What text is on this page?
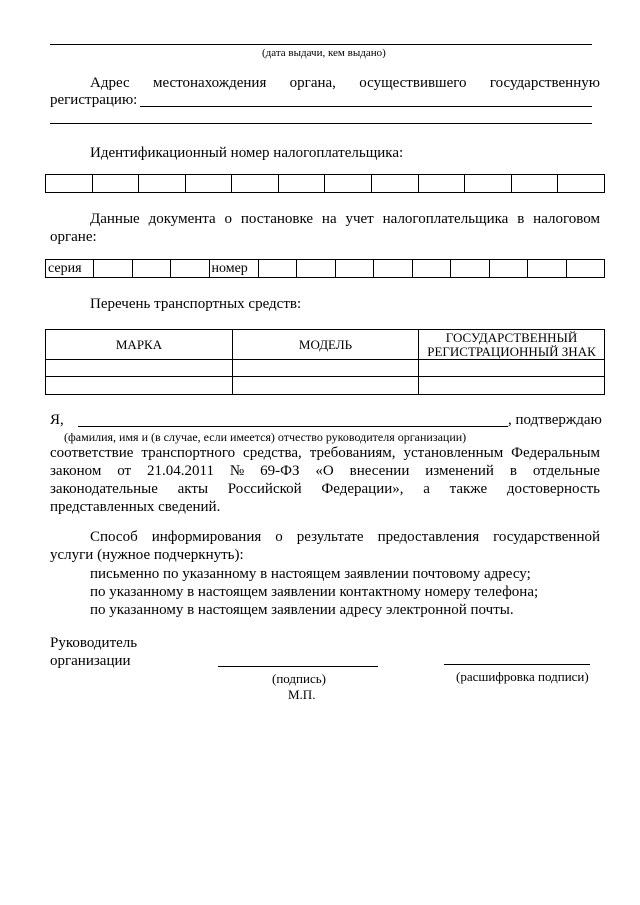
(дата выдачи, кем выдано)
Адрес местонахождения органа, осуществившего государственную
регистрацию:
Идентификационный номер налогоплательщика:

Данные документа о постановке на учет налогоплательщика в налоговом
органе:
серия				номер									
Перечень транспортных средств:
МАРКА	МОДЕЛЬ	ГОСУДАРСТВЕННЫЙ
РЕГИСТРАЦИОННЫЙ ЗНАК

Я,	, подтверждаю
(фамилия, имя и (в случае, если имеется) отчество руководителя организации)
соответствие транспортного средства, требованиям, установленным Федеральным
законом от 21.04.2011 № 69-ФЗ «О внесении изменений в отдельные
законодательные акты Российской Федерации», а также достоверность
представленных сведений.
Способ информирования о результате предоставления государственной
услуги (нужное подчеркнуть):
письменно по указанному в настоящем заявлении почтовому адресу;
по указанному в настоящем заявлении контактному номеру телефона;
по указанному в настоящем заявлении адресу электронной почты.
Руководитель
организации
(подпись)	(расшифровка подписи)
М.П.
